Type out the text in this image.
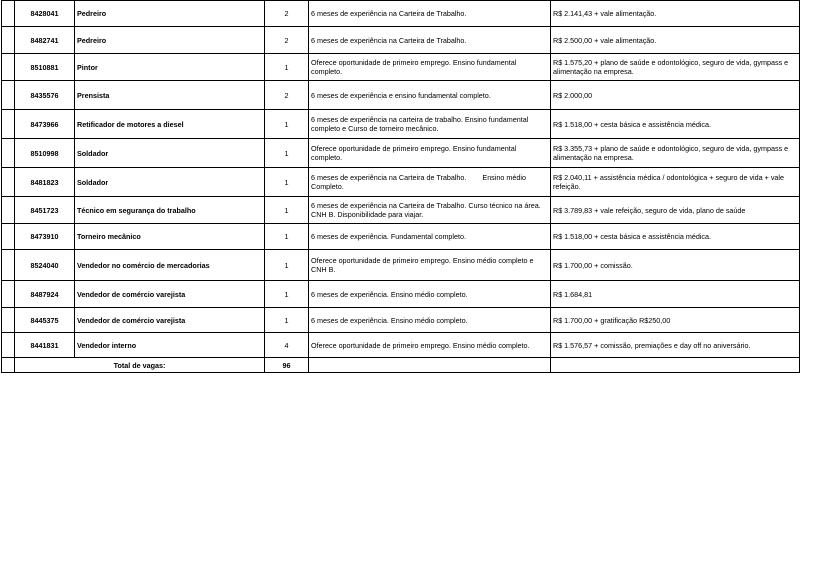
	8428041	Pedreiro	2	6 meses de experiência na Carteira de Trabalho.	R$ 2.141,43 + vale alimentação.
	8482741	Pedreiro	2	6 meses de experiência na Carteira de Trabalho.	R$ 2.500,00 + vale alimentação.
	8510881	Pintor	1	Oferece oportunidade de primeiro emprego. Ensino fundamental completo.	R$ 1.575,20 + plano de saúde e odontológico, seguro de vida, gympass e alimentação na empresa.
	8435576	Prensista	2	6 meses de experiência e ensino fundamental completo.	R$ 2.000,00
	8473966	Retificador de motores a diesel	1	6 meses de experiência na carteira de trabalho. Ensino fundamental completo e Curso de torneiro mecânico.	R$ 1.518,00 + cesta básica e assistência médica.
	8510998	Soldador	1	Oferece oportunidade de primeiro emprego. Ensino fundamental completo.	R$ 3.355,73 + plano de saúde e odontológico, seguro de vida, gympass e alimentação na empresa.
	8481823	Soldador	1	6 meses de experiência na Carteira de Trabalho.        Ensino médio Completo.	R$ 2.040,11 + assistência médica / odontológica + seguro de vida + vale refeição.
	8451723	Técnico em segurança do trabalho	1	6 meses de experiência na Carteira de Trabalho. Curso técnico na área. CNH B. Disponibilidade para viajar.	R$ 3.789,83 + vale refeição, seguro de vida, plano de saúde
	8473910	Torneiro mecânico	1	6 meses de experiência. Fundamental completo.	R$ 1.518,00 + cesta básica e assistência médica.
	8524040	Vendedor no comércio de mercadorias	1	Oferece oportunidade de primeiro emprego. Ensino médio completo e CNH B.	R$ 1.700,00 + comissão.
	8487924	Vendedor de comércio varejista	1	6 meses de experiência. Ensino médio completo.	R$ 1.684,81
	8445375	Vendedor de comércio varejista	1	6 meses de experiência. Ensino médio completo.	R$ 1.700,00 + gratificação R$250,00
	8441831	Vendedor interno	4	Oferece oportunidade de primeiro emprego. Ensino médio completo.	R$ 1.576,57 + comissão, premiações e day off no aniversário.
	Total de vagas:		96		
